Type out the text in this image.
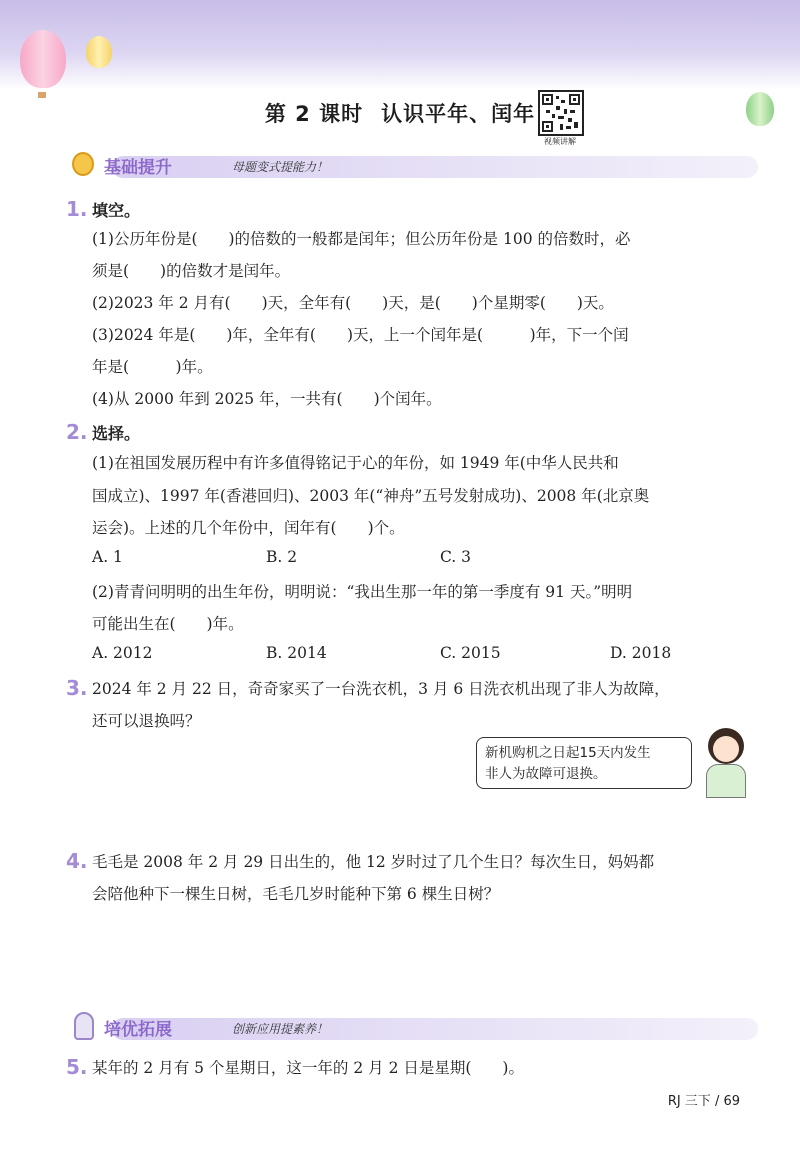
第 2 课时 认识平年、闰年
视频讲解
基础提升	母题变式提能力！
1. 填空。
(1)公历年份是(　　)的倍数的一般都是闰年；但公历年份是 100 的倍数时，必
须是(　　)的倍数才是闰年。
(2)2023 年 2 月有(　　)天，全年有(　　)天，是(　　)个星期零(　　)天。
(3)2024 年是(　　)年，全年有(　　)天，上一个闰年是(　　　)年，下一个闰
年是(　　　)年。
(4)从 2000 年到 2025 年，一共有(　　)个闰年。
2. 选择。
(1)在祖国发展历程中有许多值得铭记于心的年份，如 1949 年(中华人民共和
国成立)、1997 年(香港回归)、2003 年(“神舟”五号发射成功)、2008 年(北京奥
运会)。上述的几个年份中，闰年有(　　)个。
A. 1	B. 2	C. 3
(2)青青问明明的出生年份，明明说：“我出生那一年的第一季度有 91 天。”明明
可能出生在(　　)年。
A. 2012	B. 2014	C. 2015	D. 2018
3. 2024 年 2 月 22 日，奇奇家买了一台洗衣机，3 月 6 日洗衣机出现了非人为故障，
还可以退换吗？
新机购机之日起15天内发生
非人为故障可退换。
4. 毛毛是 2008 年 2 月 29 日出生的，他 12 岁时过了几个生日？每次生日，妈妈都
会陪他种下一棵生日树，毛毛几岁时能种下第 6 棵生日树？
培优拓展	创新应用提素养！
5. 某年的 2 月有 5 个星期日，这一年的 2 月 2 日是星期(　　)。
RJ 三下 / 69
